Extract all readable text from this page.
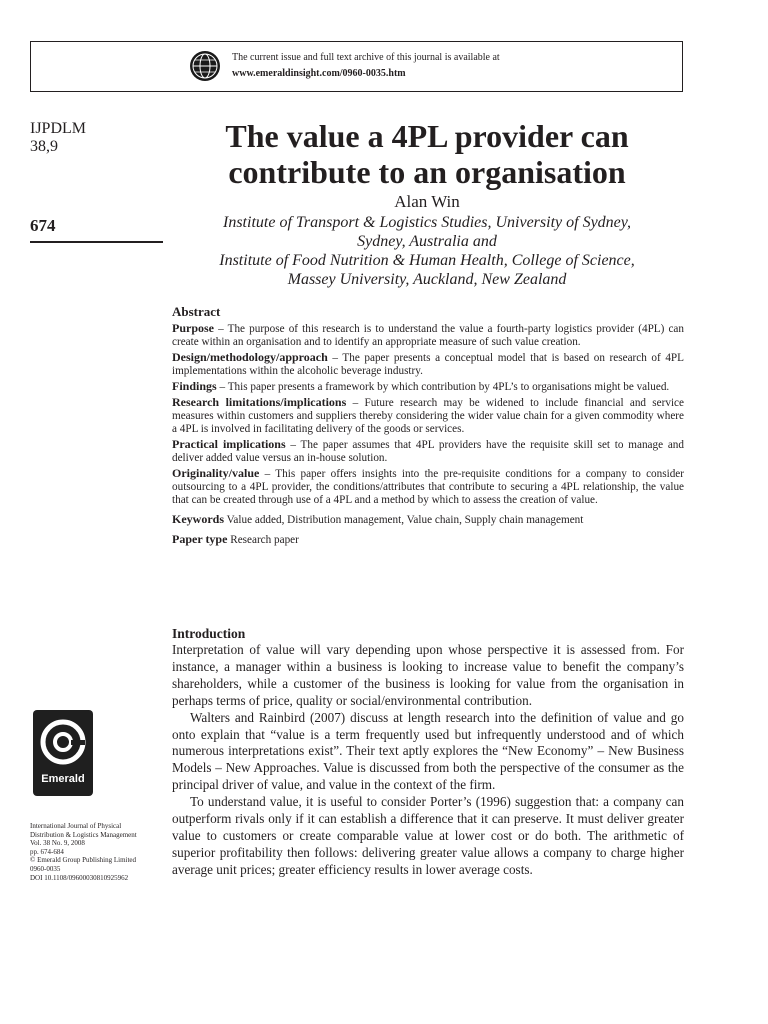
The current issue and full text archive of this journal is available at
www.emeraldinsight.com/0960-0035.htm
IJPDLM
38,9
674
The value a 4PL provider can
contribute to an organisation
Alan Win
Institute of Transport & Logistics Studies, University of Sydney,
Sydney, Australia and
Institute of Food Nutrition & Human Health, College of Science,
Massey University, Auckland, New Zealand
Abstract

Purpose – The purpose of this research is to understand the value a fourth-party logistics provider (4PL) can create within an organisation and to identify an appropriate measure of such value creation.

Design/methodology/approach – The paper presents a conceptual model that is based on research of 4PL implementations within the alcoholic beverage industry.

Findings – This paper presents a framework by which contribution by 4PL’s to organisations might be valued.

Research limitations/implications – Future research may be widened to include financial and service measures within customers and suppliers thereby considering the wider value chain for a given commodity where a 4PL is involved in facilitating delivery of the goods or services.

Practical implications – The paper assumes that 4PL providers have the requisite skill set to manage and deliver added value versus an in-house solution.

Originality/value – This paper offers insights into the pre-requisite conditions for a company to consider outsourcing to a 4PL provider, the conditions/attributes that contribute to securing a 4PL relationship, the value that can be created through use of a 4PL and a method by which to assess the creation of value.

Keywords Value added, Distribution management, Value chain, Supply chain management
Paper type Research paper
Introduction

Interpretation of value will vary depending upon whose perspective it is assessed from. For instance, a manager within a business is looking to increase value to benefit the company’s shareholders, while a customer of the business is looking for value from the organisation in perhaps terms of price, quality or social/environmental contribution.

Walters and Rainbird (2007) discuss at length research into the definition of value and go onto explain that “value is a term frequently used but infrequently understood and of which numerous interpretations exist”. Their text aptly explores the “New Economy” – New Business Models – New Approaches. Value is discussed from both the perspective of the consumer as the principal driver of value, and value in the context of the firm.

To understand value, it is useful to consider Porter’s (1996) suggestion that: a company can outperform rivals only if it can establish a difference that it can preserve. It must deliver greater value to customers or create comparable value at lower cost or do both. The arithmetic of superior profitability then follows: delivering greater value allows a company to charge higher average unit prices; greater efficiency results in lower average costs.

Emerald
International Journal of Physical
Distribution & Logistics Management
Vol. 38 No. 9, 2008
pp. 674-684
© Emerald Group Publishing Limited
0960-0035
DOI 10.1108/09600030810925962
